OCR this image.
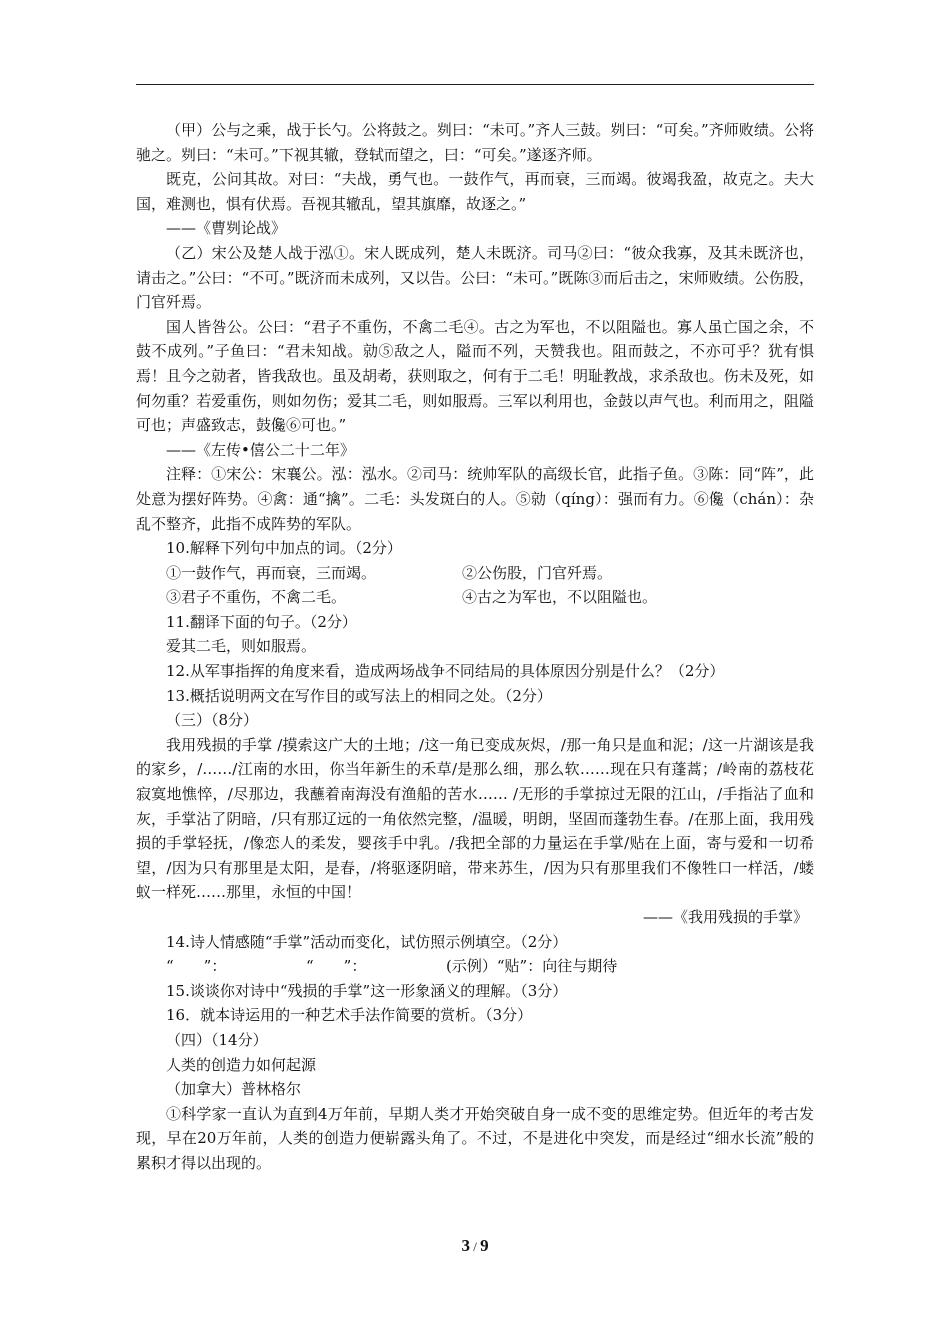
（甲）公与之乘，战于长勺。公将鼓之。刿曰：“未可。”齐人三鼓。刿曰：“可矣。”齐师败绩。公将驰之。刿曰：“未可。”下视其辙，登轼而望之，曰：“可矣。”遂逐齐师。

既克，公问其故。对曰：“夫战，勇气也。一鼓作气，再而衰，三而竭。彼竭我盈，故克之。夫大国，难测也，惧有伏焉。吾视其辙乱，望其旗靡，故逐之。”

——《曹刿论战》

（乙）宋公及楚人战于泓①。宋人既成列，楚人未既济。司马②曰：“彼众我寡，及其未既济也，请击之。”公曰：“不可。”既济而未成列，又以告。公曰：“未可。”既陈③而后击之，宋师败绩。公伤股，门官歼焉。

国人皆咎公。公曰：“君子不重伤，不禽二毛④。古之为军也，不以阻隘也。寡人虽亡国之余，不鼓不成列。”子鱼曰：“君未知战。勍⑤敌之人，隘而不列，天赞我也。阻而鼓之，不亦可乎？犹有惧焉！且今之勍者，皆我敌也。虽及胡耇，获则取之，何有于二毛！明耻教战，求杀敌也。伤未及死，如何勿重？若爱重伤，则如勿伤；爱其二毛，则如服焉。三军以利用也，金鼓以声气也。利而用之，阻隘可也；声盛致志，鼓儳⑥可也。”

——《左传•僖公二十二年》

注释：①宋公：宋襄公。泓：泓水。②司马：统帅军队的高级长官，此指子鱼。③陈：同“阵”，此处意为摆好阵势。④禽：通“擒”。二毛：头发斑白的人。⑤勍（qíng）：强而有力。⑥儳（chán）：杂乱不整齐，此指不成阵势的军队。

10.解释下列句中加点的词。（2分）

①一鼓作气，再而衰，三而竭。	②公伤股，门官歼焉。
③君子不重伤，不禽二毛。	④古之为军也，不以阻隘也。

11.翻译下面的句子。（2分）

爱其二毛，则如服焉。

12.从军事指挥的角度来看，造成两场战争不同结局的具体原因分别是什么？（2分）

13.概括说明两文在写作目的或写法上的相同之处。（2分）

（三）（8分）

我用残损的手掌 /摸索这广大的土地；/这一角已变成灰烬，/那一角只是血和泥；/这一片湖该是我的家乡，/……/江南的水田，你当年新生的禾草/是那么细，那么软……现在只有蓬蒿；/岭南的荔枝花寂寞地憔悴，/尽那边，我蘸着南海没有渔船的苦水…… /无形的手掌掠过无限的江山，/手指沾了血和灰，手掌沾了阴暗，/只有那辽远的一角依然完整，/温暖，明朗，坚固而蓬勃生春。/在那上面，我用残损的手掌轻抚，/像恋人的柔发，婴孩手中乳。/我把全部的力量运在手掌/贴在上面，寄与爱和一切希望，/因为只有那里是太阳，是春，/将驱逐阴暗，带来苏生，/因为只有那里我们不像牲口一样活，/蝼蚁一样死……那里，永恒的中国！

——《我用残损的手掌》

14.诗人情感随“手掌”活动而变化，试仿照示例填空。（2分）

“　　”：	“　　”：	(示例）“贴”：向往与期待

15.谈谈你对诗中“残损的手掌”这一形象涵义的理解。（3分）

16．就本诗运用的一种艺术手法作简要的赏析。（3分）

（四）（14分）

人类的创造力如何起源

（加拿大）普林格尔

①科学家一直认为直到4万年前，早期人类才开始突破自身一成不变的思维定势。但近年的考古发现，早在20万年前，人类的创造力便崭露头角了。不过，不是进化中突发，而是经过“细水长流”般的累积才得以出现的。

3 / 9
